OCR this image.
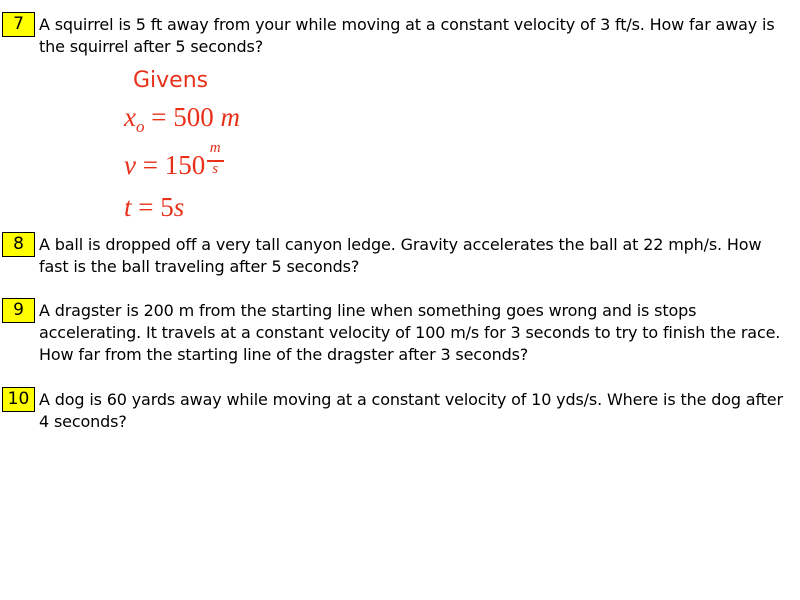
7 A squirrel is 5 ft away from your while moving at a constant velocity of 3 ft/s. How far away is the squirrel after 5 seconds?
Givens
$x_o = 500$ m
$v = 150 \frac{m}{s}$
t = 5s
8 A ball is dropped off a very tall canyon ledge. Gravity accelerates the ball at 22 mph/s. How fast is the ball traveling after 5 seconds?
9 A dragster is 200 m from the starting line when something goes wrong and is stops accelerating. It travels at a constant velocity of 100 m/s for 3 seconds to try to finish the race. How far from the starting line of the dragster after 3 seconds?
10 A dog is 60 yards away while moving at a constant velocity of 10 yds/s. Where is the dog after 4 seconds?
